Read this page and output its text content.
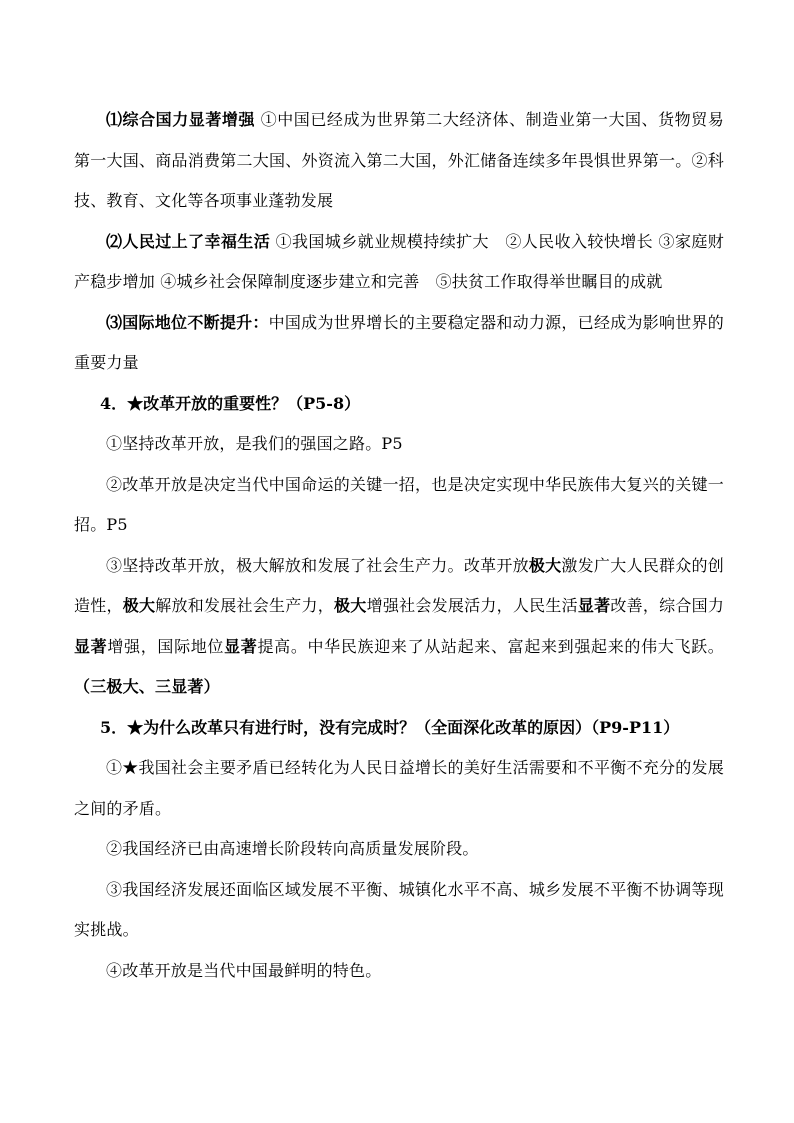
⑴综合国力显著增强 ①中国已经成为世界第二大经济体、制造业第一大国、货物贸易第一大国、商品消费第二大国、外资流入第二大国，外汇储备连续多年畏惧世界第一。②科技、教育、文化等各项事业蓬勃发展

⑵人民过上了幸福生活 ①我国城乡就业规模持续扩大　②人民收入较快增长 ③家庭财产稳步增加 ④城乡社会保障制度逐步建立和完善　⑤扶贫工作取得举世瞩目的成就

⑶国际地位不断提升：中国成为世界增长的主要稳定器和动力源，已经成为影响世界的重要力量

4．★改革开放的重要性？（P5-8）

①坚持改革开放，是我们的强国之路。P5

②改革开放是决定当代中国命运的关键一招，也是决定实现中华民族伟大复兴的关键一招。P5

③坚持改革开放，极大解放和发展了社会生产力。改革开放极大激发广大人民群众的创造性，极大解放和发展社会生产力，极大增强社会发展活力，人民生活显著改善，综合国力显著增强，国际地位显著提高。中华民族迎来了从站起来、富起来到强起来的伟大飞跃。（三极大、三显著）

5．★为什么改革只有进行时，没有完成时？（全面深化改革的原因）（P9-P11）

①★我国社会主要矛盾已经转化为人民日益增长的美好生活需要和不平衡不充分的发展之间的矛盾。

②我国经济已由高速增长阶段转向高质量发展阶段。

③我国经济发展还面临区域发展不平衡、城镇化水平不高、城乡发展不平衡不协调等现实挑战。

④改革开放是当代中国最鲜明的特色。
